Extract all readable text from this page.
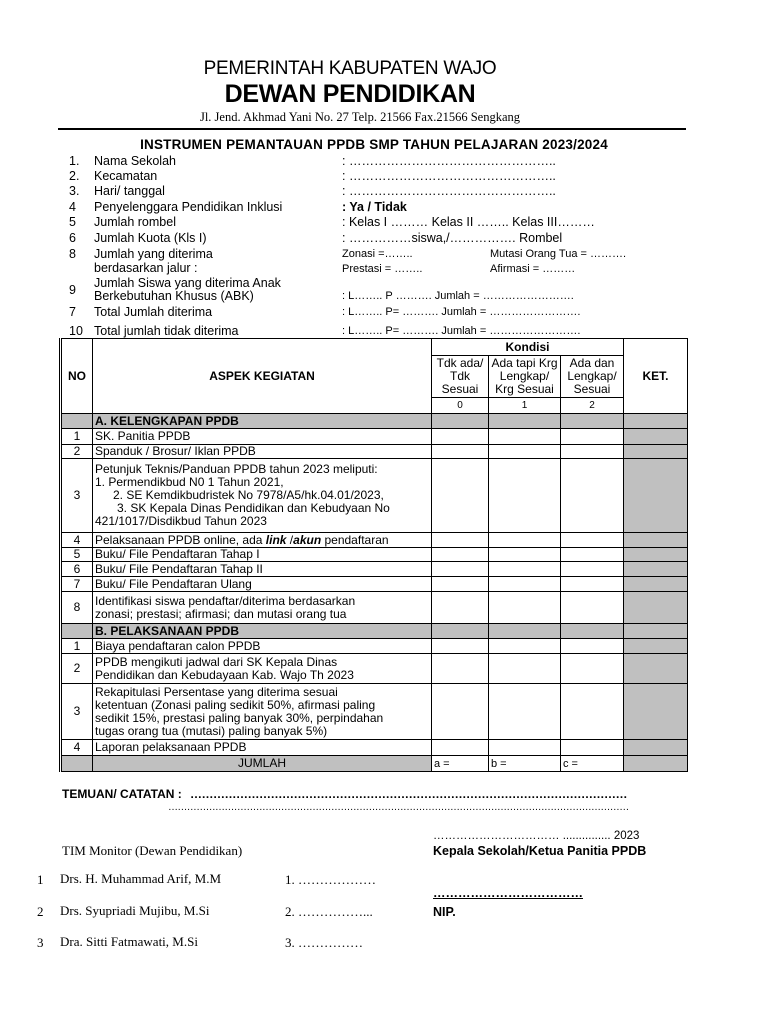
PEMERINTAH KABUPATEN WAJO
DEWAN PENDIDIKAN
Jl. Jend. Akhmad Yani No. 27 Telp. 21566 Fax.21566 Sengkang
INSTRUMEN PEMANTAUAN PPDB SMP TAHUN PELAJARAN 2023/2024
1. Nama Sekolah	: …………………………………………..
2. Kecamatan	: …………………………………………..
3. Hari/ tanggal	: …………………………………………..
4 Penyelenggara Pendidikan Inklusi	: Ya / Tidak
5 Jumlah rombel	: Kelas I ……… Kelas II …….. Kelas III………
6 Jumlah Kuota (Kls I)	: ……………siswa,/……………. Rombel
8 Jumlah yang diterima
berdasarkan jalur :
Zonasi =……..	Mutasi Orang Tua = ……….
Prestasi = ……..	Afirmasi = ………
9 Jumlah Siswa yang diterima Anak
Berkebutuhan Khusus (ABK)	: L…….. P ………. Jumlah = …………………….
7 Total Jumlah diterima	: L…….. P= ………. Jumlah = …………………….
10 Total jumlah tidak diterima	: L…….. P= ………. Jumlah = …………………….
NO	ASPEK KEGIATAN	Kondisi			KET.
		Tdk ada/ Tdk Sesuai	Ada tapi Krg Lengkap/ Krg Sesuai	Ada dan Lengkap/ Sesuai	
		0	1	2	
	A. KELENGKAPAN PPDB				
1	SK. Panitia PPDB				
2	Spanduk / Brosur/ Iklan PPDB				
3	Petunjuk Teknis/Panduan PPDB tahun 2023 meliputi:
1. Permendikbud N0 1 Tahun 2021,
2. SE Kemdikbudristek No 7978/A5/hk.04.01/2023,
3. SK Kepala Dinas Pendidikan dan Kebudyaan No
421/1017/Disdikbud Tahun 2023				

4	Pelaksanaan PPDB online, ada link /akun pendaftaran				
5	Buku/ File Pendaftaran Tahap I				
6	Buku/ File Pendaftaran Tahap II				
7	Buku/ File Pendaftaran Ulang				
8	Identifikasi siswa pendaftar/diterima berdasarkan
zonasi; prestasi; afirmasi; dan mutasi orang tua				

	B. PELAKSANAAN PPDB				
1	Biaya pendaftaran calon PPDB				
2	PPDB mengikuti jadwal dari SK Kepala Dinas
Pendidikan dan Kebudayaan Kab. Wajo Th 2023				

3	Rekapitulasi Persentase yang diterima sesuai
ketentuan (Zonasi paling sedikit 50%, afirmasi paling
sedikit 15%, prestasi paling banyak 30%, perpindahan
tugas orang tua (mutasi) paling banyak 5%)				

4	Laporan pelaksanaan PPDB				
	JUMLAH	a =	b =	c =	
TEMUAN/ CATATAN : ……………………………………………………………………………………………………
…………………………………………………………………………………………………………………………………
…………………………… ............... 2023
Kepala Sekolah/Ketua Panitia PPDB
TIM Monitor (Dewan Pendidikan)
1 Drs. H. Muhammad Arif, M.M	1. ………………
2 Drs. Syupriadi Mujibu, M.Si	2. ……………...
3 Dra. Sitti Fatmawati, M.Si	3. ……………
………………………………
NIP.
